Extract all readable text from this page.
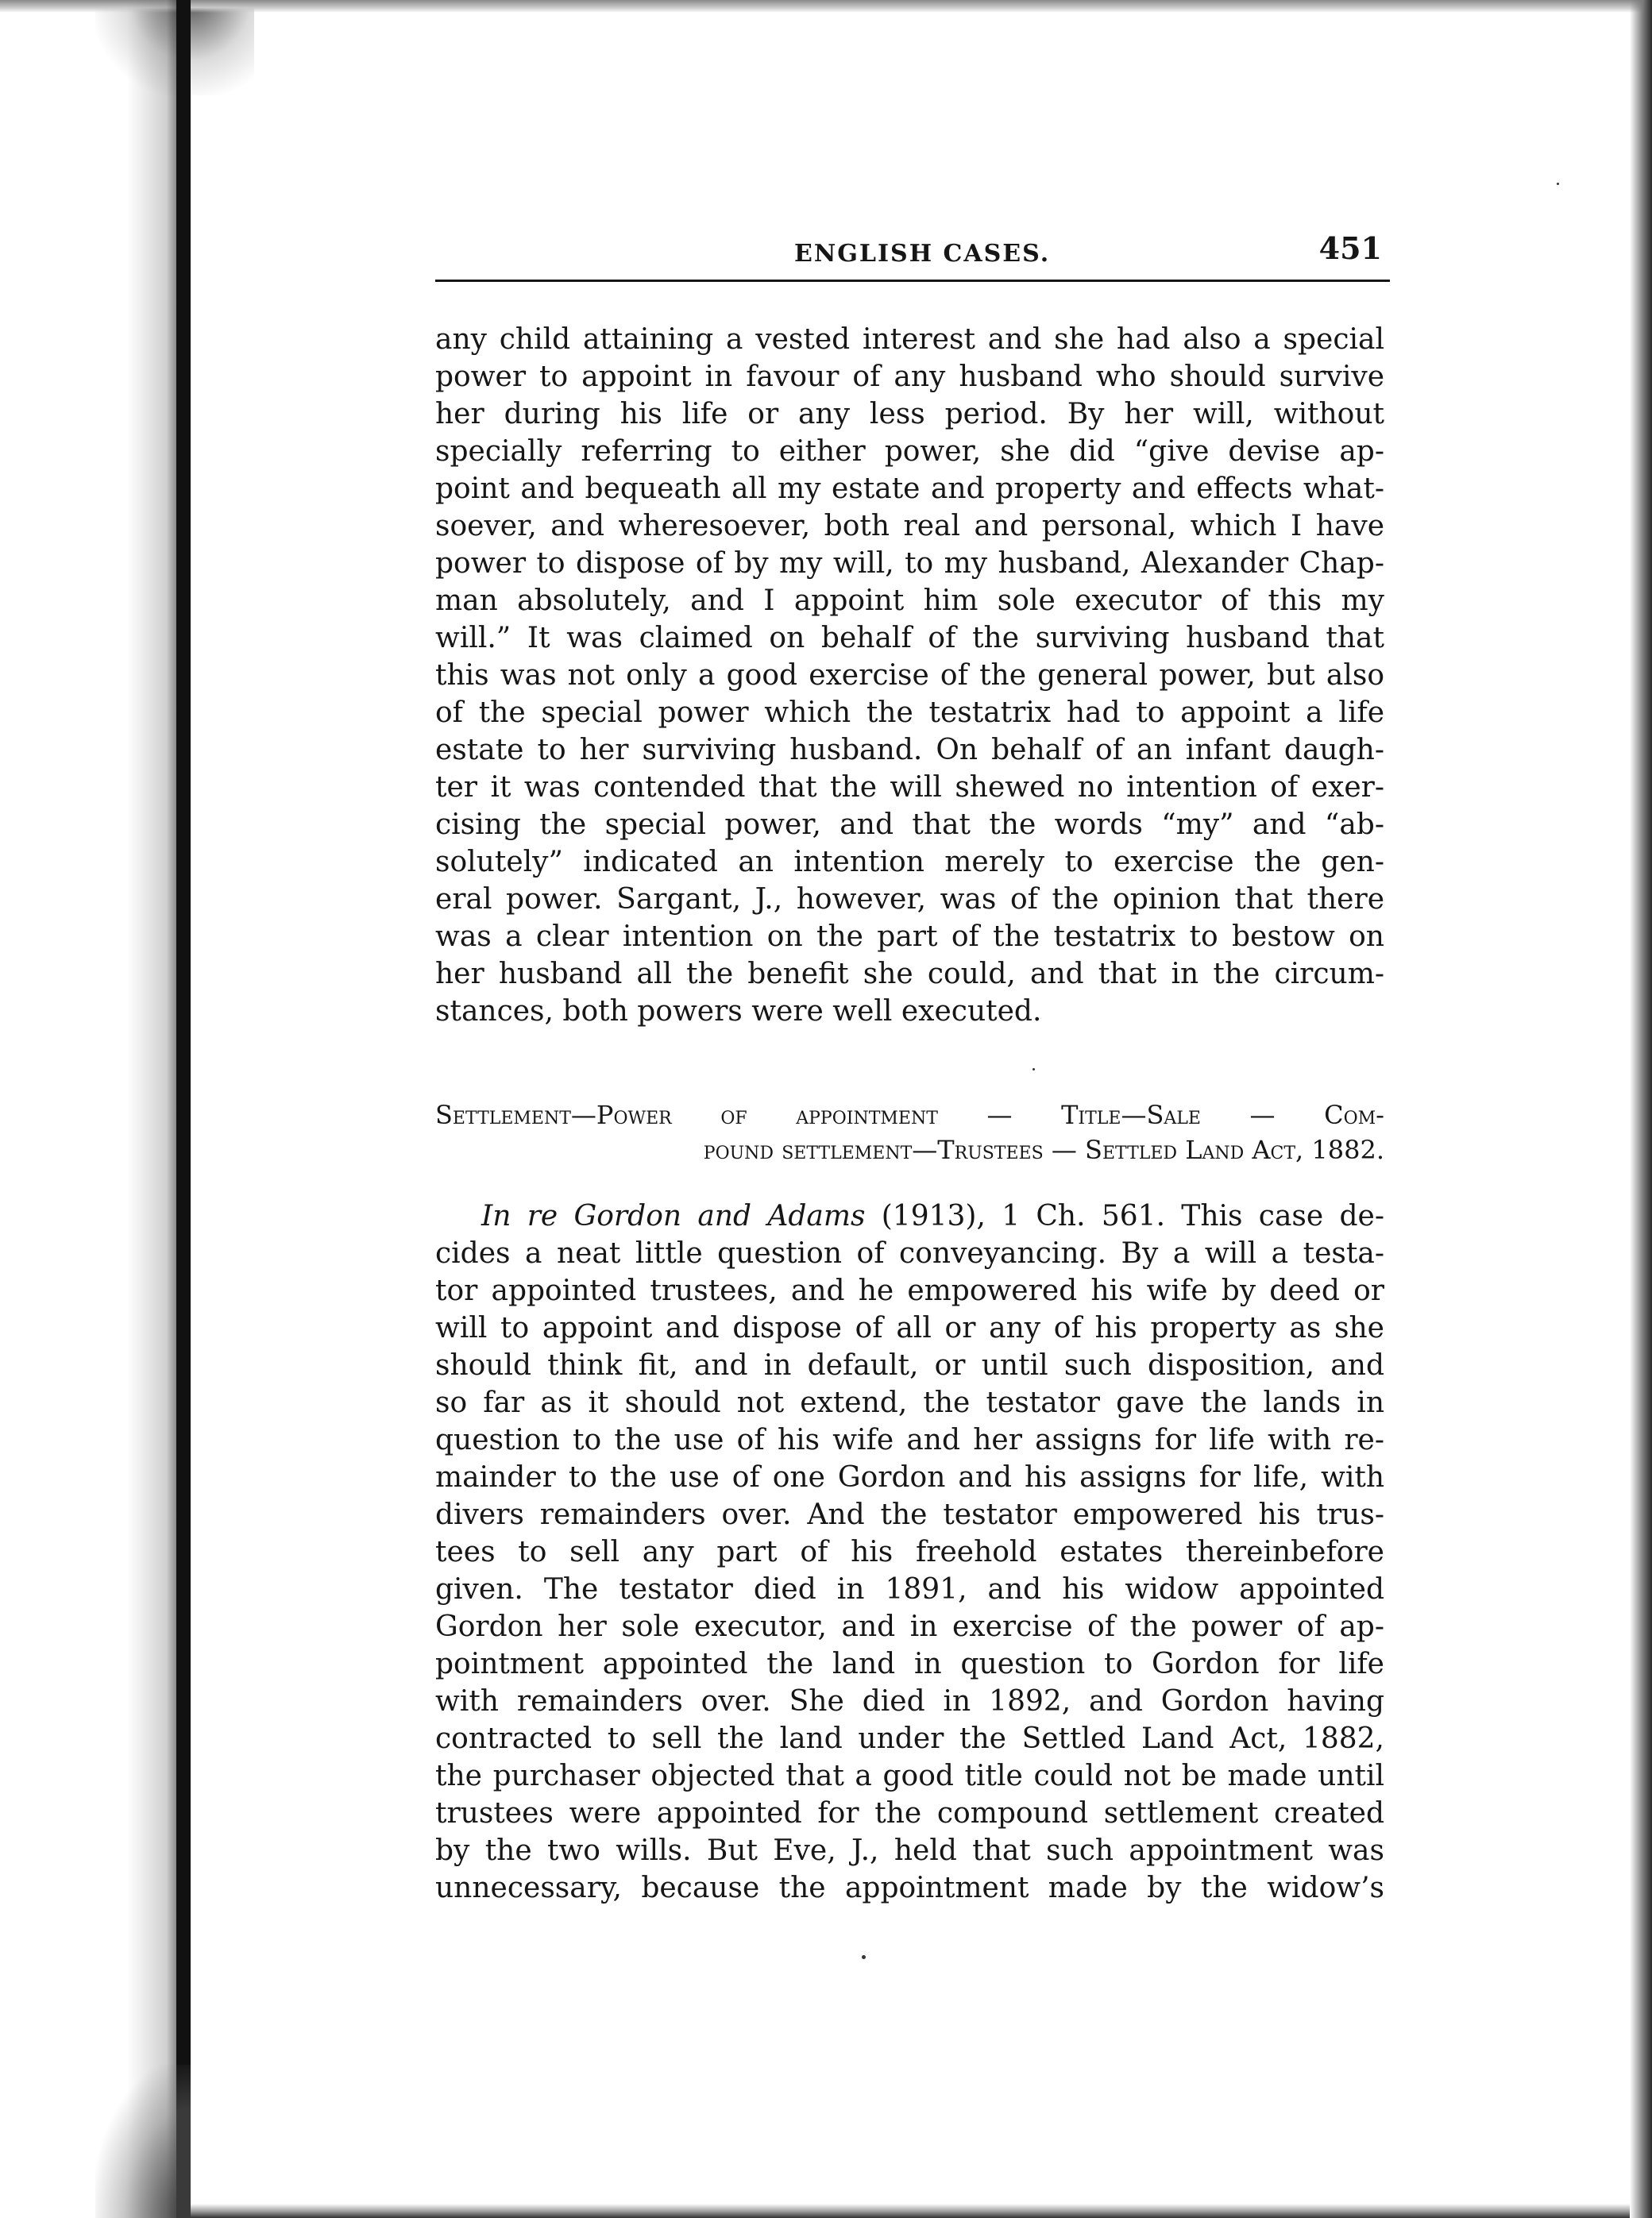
ENGLISH CASES.	451
any child attaining a vested interest and she had also a special
power to appoint in favour of any husband who should survive
her during his life or any less period. By her will, without
specially referring to either power, she did “give devise ap-
point and bequeath all my estate and property and effects what-
soever, and wheresoever, both real and personal, which I have
power to dispose of by my will, to my husband, Alexander Chap-
man absolutely, and I appoint him sole executor of this my
will.” It was claimed on behalf of the surviving husband that
this was not only a good exercise of the general power, but also
of the special power which the testatrix had to appoint a life
estate to her surviving husband. On behalf of an infant daugh-
ter it was contended that the will shewed no intention of exer-
cising the special power, and that the words “my” and “ab-
solutely” indicated an intention merely to exercise the gen-
eral power. Sargant, J., however, was of the opinion that there
was a clear intention on the part of the testatrix to bestow on
her husband all the benefit she could, and that in the circum-
stances, both powers were well executed.
Settlement—Power of appointment — Title—Sale — Com-
pound settlement—Trustees — Settled Land Act, 1882.
In re Gordon and Adams (1913), 1 Ch. 561. This case de-
cides a neat little question of conveyancing. By a will a testa-
tor appointed trustees, and he empowered his wife by deed or
will to appoint and dispose of all or any of his property as she
should think fit, and in default, or until such disposition, and
so far as it should not extend, the testator gave the lands in
question to the use of his wife and her assigns for life with re-
mainder to the use of one Gordon and his assigns for life, with
divers remainders over. And the testator empowered his trus-
tees to sell any part of his freehold estates thereinbefore
given. The testator died in 1891, and his widow appointed
Gordon her sole executor, and in exercise of the power of ap-
pointment appointed the land in question to Gordon for life
with remainders over. She died in 1892, and Gordon having
contracted to sell the land under the Settled Land Act, 1882,
the purchaser objected that a good title could not be made until
trustees were appointed for the compound settlement created
by the two wills. But Eve, J., held that such appointment was
unnecessary, because the appointment made by the widow’s
